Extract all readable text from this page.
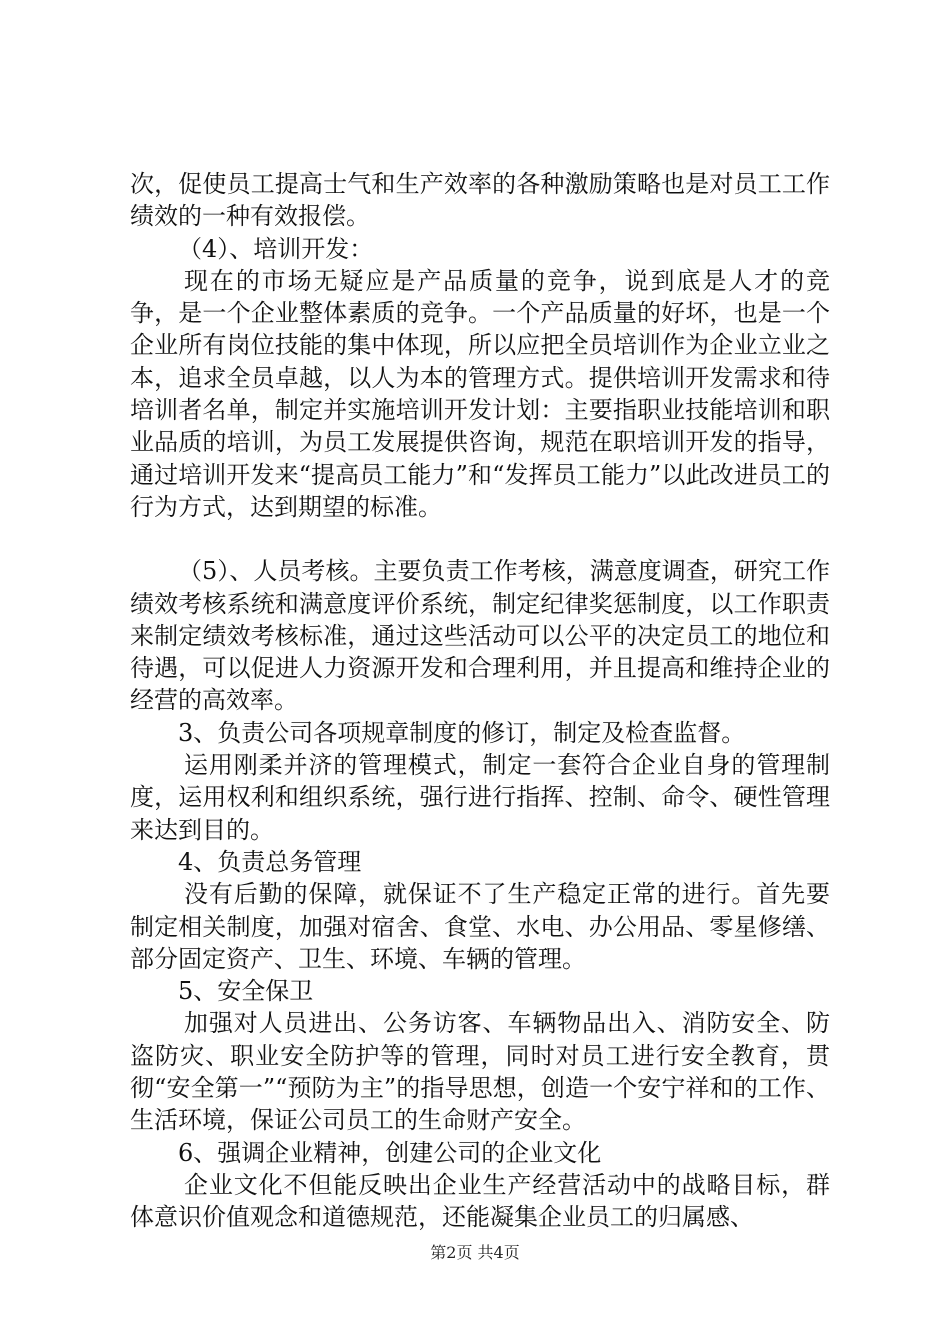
次，促使员工提高士气和生产效率的各种激励策略也是对员工工作绩效的一种有效报偿。

（4）、培训开发：

现在的市场无疑应是产品质量的竞争，说到底是人才的竞争，是一个企业整体素质的竞争。一个产品质量的好坏，也是一个企业所有岗位技能的集中体现，所以应把全员培训作为企业立业之本，追求全员卓越，以人为本的管理方式。提供培训开发需求和待培训者名单，制定并实施培训开发计划：主要指职业技能培训和职业品质的培训，为员工发展提供咨询，规范在职培训开发的指导，通过培训开发来“提高员工能力”和“发挥员工能力”以此改进员工的行为方式，达到期望的标准。

（5）、人员考核。主要负责工作考核，满意度调查，研究工作绩效考核系统和满意度评价系统，制定纪律奖惩制度，以工作职责来制定绩效考核标准，通过这些活动可以公平的决定员工的地位和待遇，可以促进人力资源开发和合理利用，并且提高和维持企业的经营的高效率。

3、负责公司各项规章制度的修订，制定及检查监督。

运用刚柔并济的管理模式，制定一套符合企业自身的管理制度，运用权利和组织系统，强行进行指挥、控制、命令、硬性管理来达到目的。

4、负责总务管理

没有后勤的保障，就保证不了生产稳定正常的进行。首先要制定相关制度，加强对宿舍、食堂、水电、办公用品、零星修缮、部分固定资产、卫生、环境、车辆的管理。

5、安全保卫

加强对人员进出、公务访客、车辆物品出入、消防安全、防盗防灾、职业安全防护等的管理，同时对员工进行安全教育，贯彻“安全第一”“预防为主”的指导思想，创造一个安宁祥和的工作、生活环境，保证公司员工的生命财产安全。

6、强调企业精神，创建公司的企业文化

企业文化不但能反映出企业生产经营活动中的战略目标，群体意识价值观念和道德规范，还能凝集企业员工的归属感、

第2页 共4页
